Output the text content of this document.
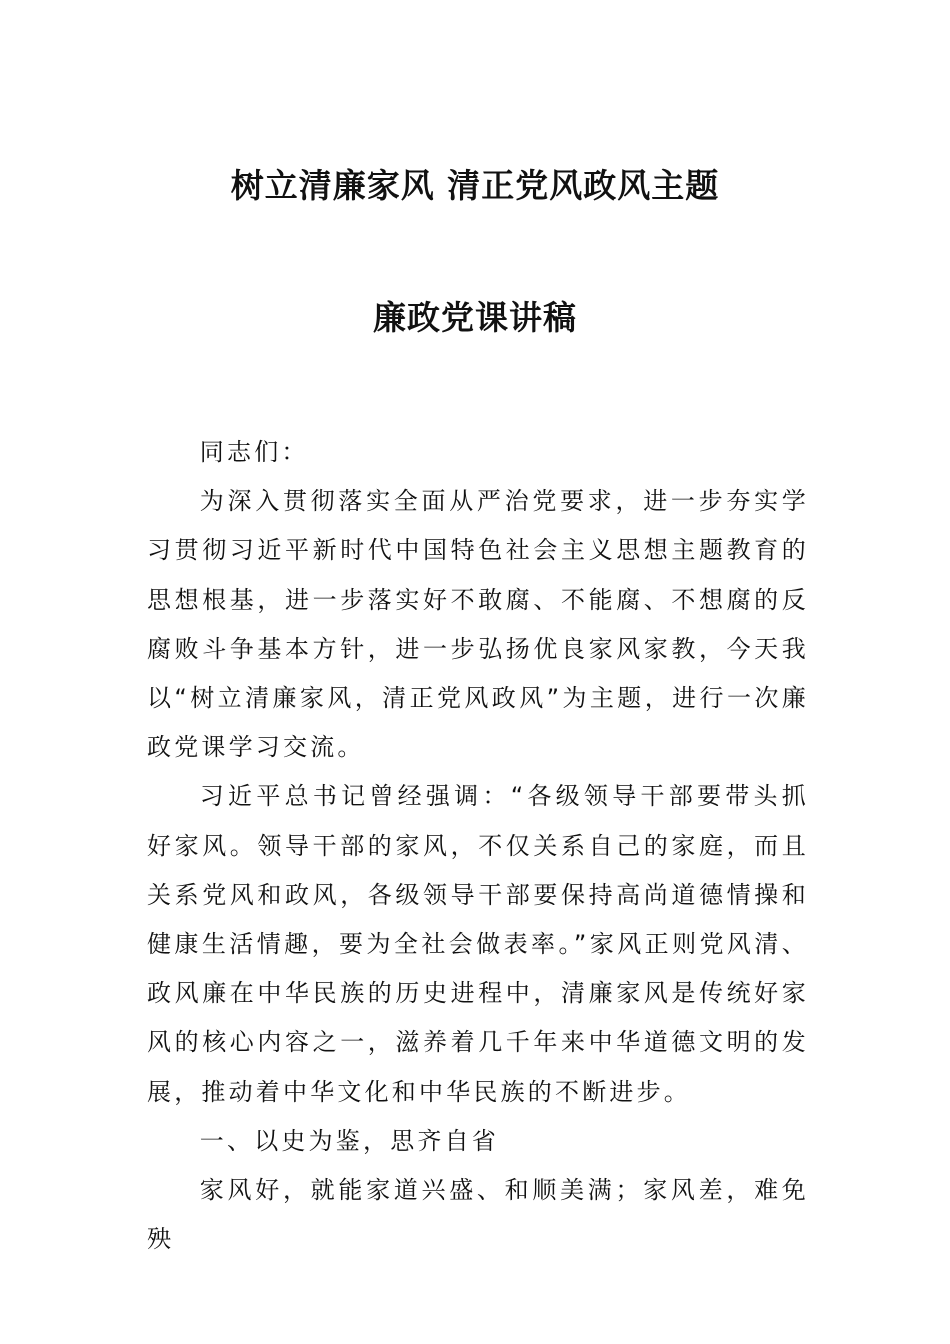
树立清廉家风 清正党风政风主题
廉政党课讲稿

同志们：

为深入贯彻落实全面从严治党要求，进一步夯实学习贯彻习近平新时代中国特色社会主义思想主题教育的思想根基，进一步落实好不敢腐、不能腐、不想腐的反腐败斗争基本方针，进一步弘扬优良家风家教，今天我以“树立清廉家风，清正党风政风”为主题，进行一次廉政党课学习交流。

习近平总书记曾经强调：“各级领导干部要带头抓好家风。领导干部的家风，不仅关系自己的家庭，而且关系党风和政风，各级领导干部要保持高尚道德情操和健康生活情趣，要为全社会做表率。”家风正则党风清、政风廉在中华民族的历史进程中，清廉家风是传统好家风的核心内容之一，滋养着几千年来中华道德文明的发展，推动着中华文化和中华民族的不断进步。

一、以史为鉴，思齐自省

家风好，就能家道兴盛、和顺美满；家风差，难免殃
